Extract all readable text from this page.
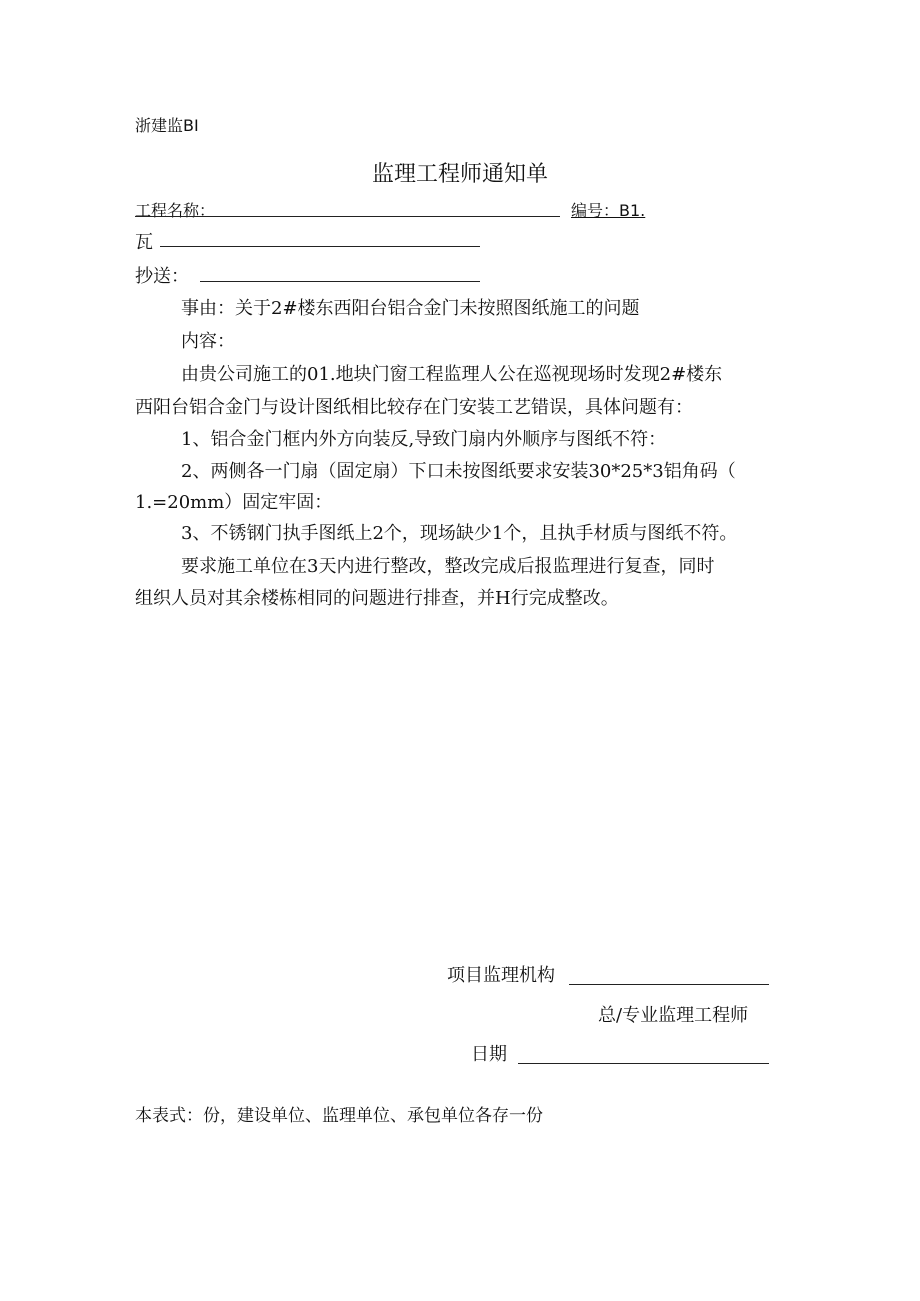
浙建监BI
监理工程师通知单
工程名称：	编号：B1.
瓦
抄送：
事由：关于2#楼东西阳台铝合金门未按照图纸施工的问题
内容：
由贵公司施工的01.地块门窗工程监理人公在巡视现场时发现2#楼东
西阳台铝合金门与设计图纸相比较存在门安装工艺错误，具体问题有：
1、铝合金门框内外方向装反,导致门扇内外顺序与图纸不符：
2、两侧各一门扇（固定扇）下口未按图纸要求安装30*25*3铝角码（
1.=20mm）固定牢固：
3、不锈钢门执手图纸上2个，现场缺少1个，且执手材质与图纸不符。
要求施工单位在3天内进行整改，整改完成后报监理进行复查，同时
组织人员对其余楼栋相同的问题进行排查，并H行完成整改。
项目监理机构
总/专业监理工程师
日期
本表式：份，建设单位、监理单位、承包单位各存一份
